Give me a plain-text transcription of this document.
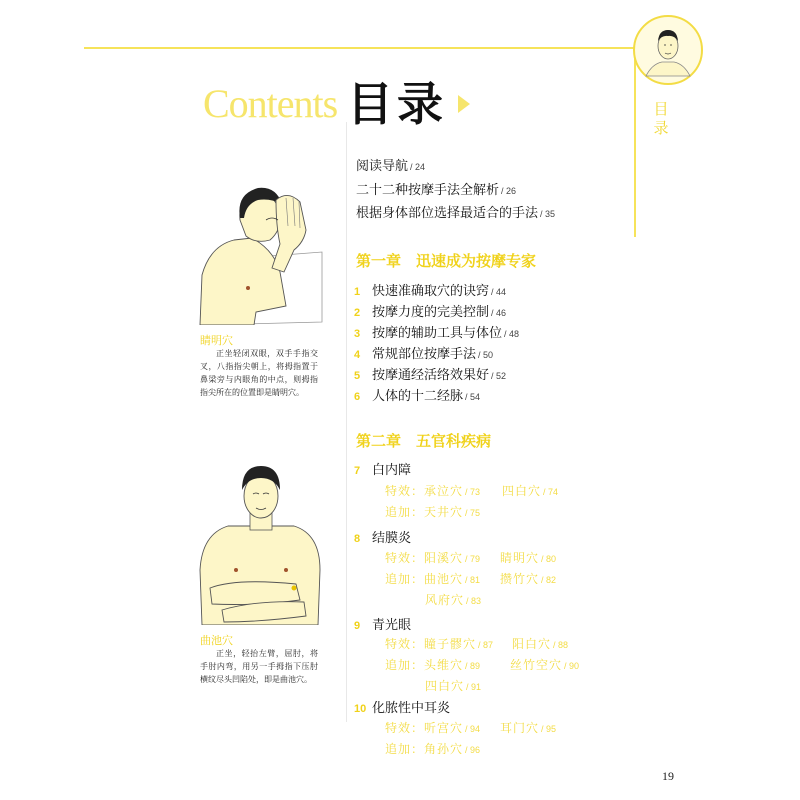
目录
Contents 目录
阅读导航 / 24
二十二种按摩手法全解析 / 26
根据身体部位选择最适合的手法 / 35
第一章　迅速成为按摩专家
1 快速准确取穴的诀窍 / 44
2 按摩力度的完美控制 / 46
3 按摩的辅助工具与体位 / 48
4 常规部位按摩手法 / 50
5 按摩通经活络效果好 / 52
6 人体的十二经脉 / 54
第二章　五官科疾病
7 白内障
特效：承泣穴 / 73 四白穴 / 74
追加：天井穴 / 75
8 结膜炎
特效：阳溪穴 / 79 睛明穴 / 80
追加：曲池穴 / 81 攒竹穴 / 82
风府穴 / 83
9 青光眼
特效：瞳子髎穴 / 87 阳白穴 / 88
追加：头维穴 / 89 丝竹空穴 / 90
四白穴 / 91
10 化脓性中耳炎
特效：听宫穴 / 94 耳门穴 / 95
追加：角孙穴 / 96
睛明穴
正坐轻闭双眼，双手手指交叉，八指指尖朝上，将拇指置于鼻梁旁与内眼角的中点，则拇指指尖所在的位置即是睛明穴。
曲池穴
正坐，轻抬左臂，屈肘，将手肘内弯，用另一手拇指下压肘横纹尽头凹陷处，即是曲池穴。
19
